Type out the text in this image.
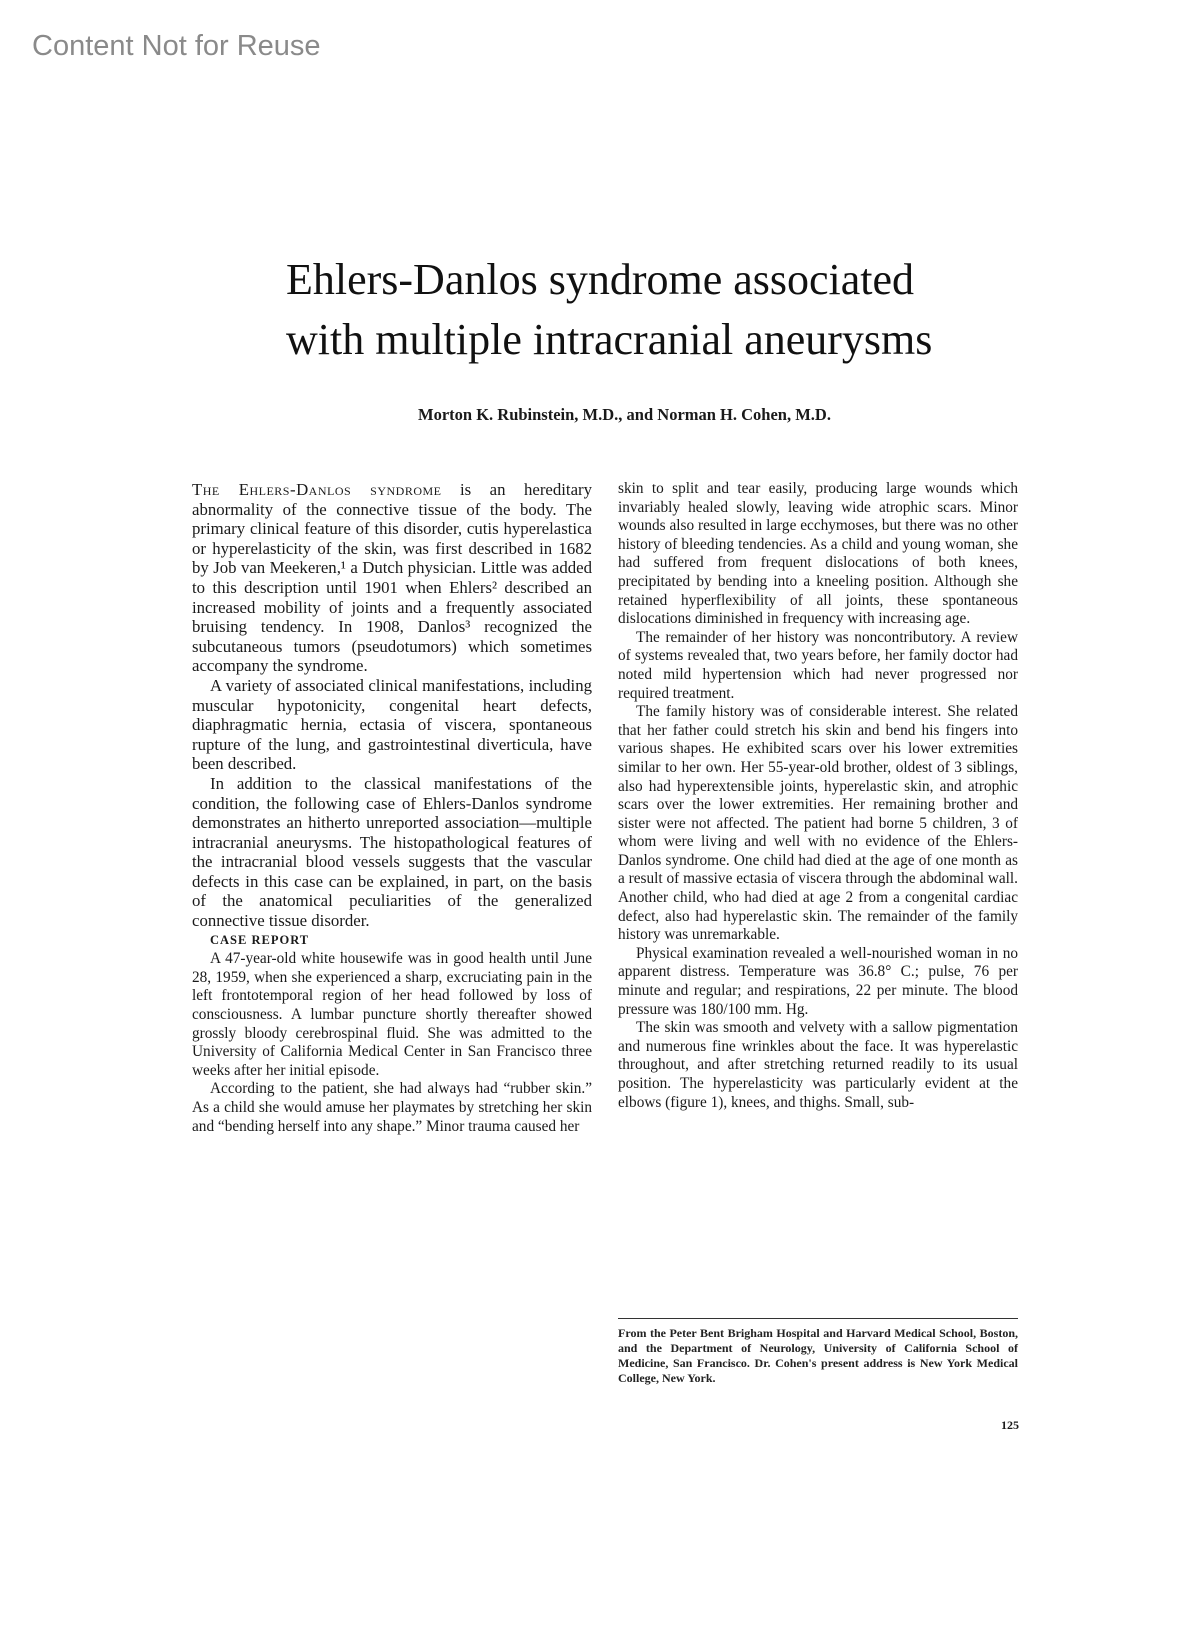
Content Not for Reuse
Ehlers-Danlos syndrome associated
with multiple intracranial aneurysms
Morton K. Rubinstein, M.D., and Norman H. Cohen, M.D.

The Ehlers-Danlos syndrome is an hereditary abnormality of the connective tissue of the body. The primary clinical feature of this disorder, cutis hyperelastica or hyperelasticity of the skin, was first described in 1682 by Job van Meekeren,¹ a Dutch physician. Little was added to this description until 1901 when Ehlers² described an increased mobility of joints and a frequently associated bruising tendency. In 1908, Danlos³ recognized the subcutaneous tumors (pseudotumors) which sometimes accompany the syndrome.

A variety of associated clinical manifestations, including muscular hypotonicity, congenital heart defects, diaphragmatic hernia, ectasia of viscera, spontaneous rupture of the lung, and gastrointestinal diverticula, have been described.

In addition to the classical manifestations of the condition, the following case of Ehlers-Danlos syndrome demonstrates an hitherto unreported association—multiple intracranial aneurysms. The histopathological features of the intracranial blood vessels suggests that the vascular defects in this case can be explained, in part, on the basis of the anatomical peculiarities of the generalized connective tissue disorder.

CASE REPORT

A 47-year-old white housewife was in good health until June 28, 1959, when she experienced a sharp, excruciating pain in the left frontotemporal region of her head followed by loss of consciousness. A lumbar puncture shortly thereafter showed grossly bloody cerebrospinal fluid. She was admitted to the University of California Medical Center in San Francisco three weeks after her initial episode.

According to the patient, she had always had “rubber skin.” As a child she would amuse her playmates by stretching her skin and “bending herself into any shape.” Minor trauma caused her

skin to split and tear easily, producing large wounds which invariably healed slowly, leaving wide atrophic scars. Minor wounds also resulted in large ecchymoses, but there was no other history of bleeding tendencies. As a child and young woman, she had suffered from frequent dislocations of both knees, precipitated by bending into a kneeling position. Although she retained hyperflexibility of all joints, these spontaneous dislocations diminished in frequency with increasing age.

The remainder of her history was noncontributory. A review of systems revealed that, two years before, her family doctor had noted mild hypertension which had never progressed nor required treatment.

The family history was of considerable interest. She related that her father could stretch his skin and bend his fingers into various shapes. He exhibited scars over his lower extremities similar to her own. Her 55-year-old brother, oldest of 3 siblings, also had hyperextensible joints, hyperelastic skin, and atrophic scars over the lower extremities. Her remaining brother and sister were not affected. The patient had borne 5 children, 3 of whom were living and well with no evidence of the Ehlers-Danlos syndrome. One child had died at the age of one month as a result of massive ectasia of viscera through the abdominal wall. Another child, who had died at age 2 from a congenital cardiac defect, also had hyperelastic skin. The remainder of the family history was unremarkable.

Physical examination revealed a well-nourished woman in no apparent distress. Temperature was 36.8° C.; pulse, 76 per minute and regular; and respirations, 22 per minute. The blood pressure was 180/100 mm. Hg.

The skin was smooth and velvety with a sallow pigmentation and numerous fine wrinkles about the face. It was hyperelastic throughout, and after stretching returned readily to its usual position. The hyperelasticity was particularly evident at the elbows (figure 1), knees, and thighs. Small, sub-

From the Peter Bent Brigham Hospital and Harvard Medical School, Boston, and the Department of Neurology, University of California School of Medicine, San Francisco. Dr. Cohen's present address is New York Medical College, New York.
125
